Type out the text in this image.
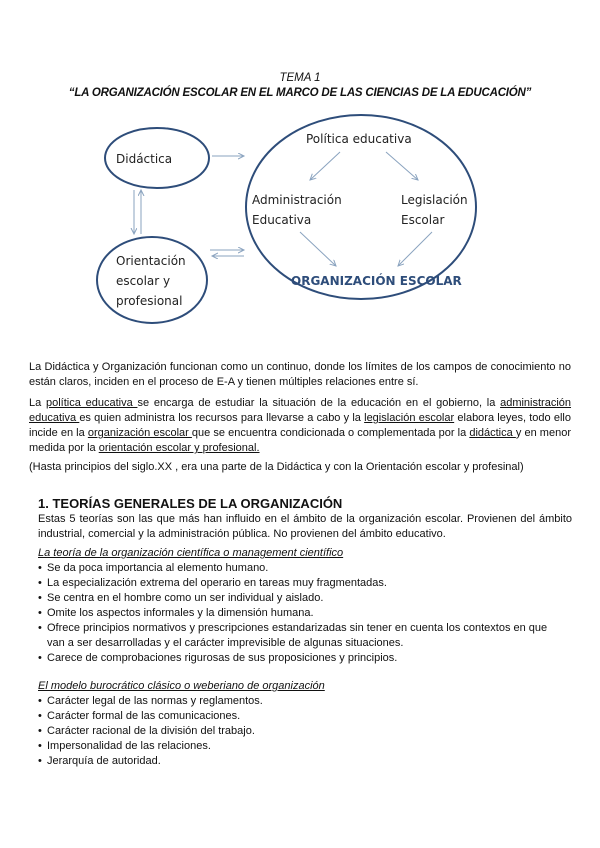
TEMA 1
“LA ORGANIZACIÓN ESCOLAR EN EL MARCO DE LAS CIENCIAS DE LA EDUCACIÓN”
Didáctica
Orientación
escolar y
profesional
Política educativa
Administración
Educativa
Legislación
Escolar
ORGANIZACIÓN ESCOLAR

La Didáctica y Organización funcionan como un continuo, donde los límites de los campos de conocimiento no están claros, inciden en el proceso de E-A y tienen múltiples relaciones entre sí.

La política educativa se encarga de estudiar la situación de la educación en el gobierno, la administración educativa es quien administra los recursos para llevarse a cabo y la legislación escolar elabora leyes, todo ello incide en la organización escolar que se encuentra condicionada o complementada por la didáctica y en menor medida por la orientación escolar y profesional.

(Hasta principios del siglo.XX , era una parte de la Didáctica y con la Orientación escolar y profesinal)

1. TEORÍAS GENERALES DE LA ORGANIZACIÓN

Estas 5 teorías son las que más han influido en el ámbito de la organización escolar. Provienen del ámbito industrial, comercial y la administración pública. No provienen del ámbito educativo.

La teoría de la organización científica o management científico

• Se da poca importancia al elemento humano.
• La especialización extrema del operario en tareas muy fragmentadas.
• Se centra en el hombre como un ser individual y aislado.
• Omite los aspectos informales y la dimensión humana.
• Ofrece principios normativos y prescripciones estandarizadas sin tener en cuenta los contextos en que van a ser desarrolladas y el carácter imprevisible de algunas situaciones.
• Carece de comprobaciones rigurosas de sus proposiciones y principios.

El modelo burocrático clásico o weberiano de organización

• Carácter legal de las normas y reglamentos.
• Carácter formal de las comunicaciones.
• Carácter racional de la división del trabajo.
• Impersonalidad de las relaciones.
• Jerarquía de autoridad.
